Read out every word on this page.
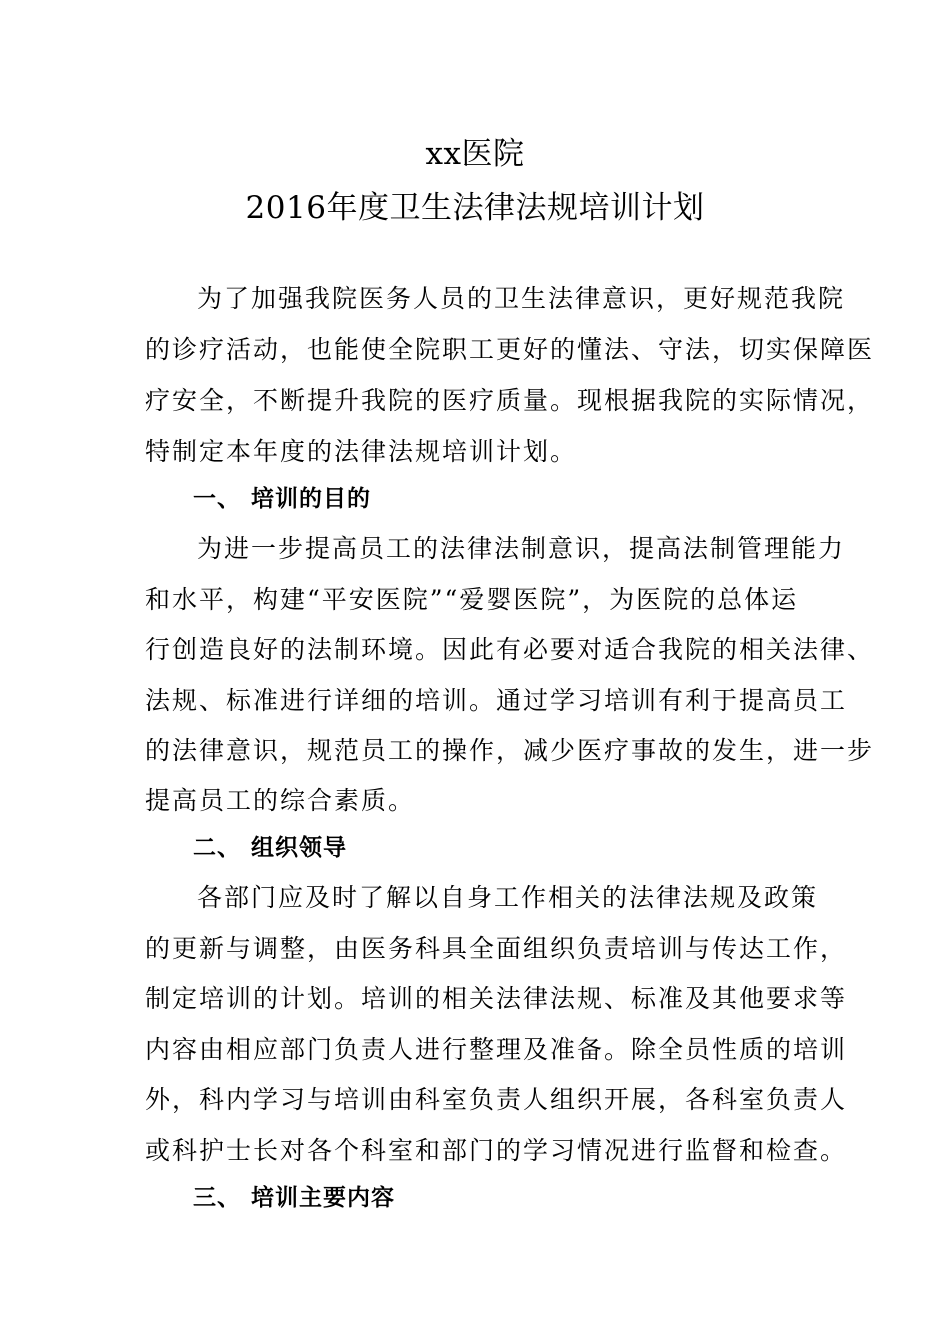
xx医院
2016年度卫生法律法规培训计划
为了加强我院医务人员的卫生法律意识，更好规范我院
的诊疗活动，也能使全院职工更好的懂法、守法，切实保障医
疗安全，不断提升我院的医疗质量。现根据我院的实际情况，
特制定本年度的法律法规培训计划。
一、 培训的目的
为进一步提高员工的法律法制意识，提高法制管理能力
和水平，构建“平安医院”“爱婴医院”，为医院的总体运
行创造良好的法制环境。因此有必要对适合我院的相关法律、
法规、标准进行详细的培训。通过学习培训有利于提高员工
的法律意识，规范员工的操作，减少医疗事故的发生，进一步
提高员工的综合素质。
二、 组织领导
各部门应及时了解以自身工作相关的法律法规及政策
的更新与调整，由医务科具全面组织负责培训与传达工作，
制定培训的计划。培训的相关法律法规、标准及其他要求等
内容由相应部门负责人进行整理及准备。除全员性质的培训
外，科内学习与培训由科室负责人组织开展，各科室负责人
或科护士长对各个科室和部门的学习情况进行监督和检查。
三、 培训主要内容
